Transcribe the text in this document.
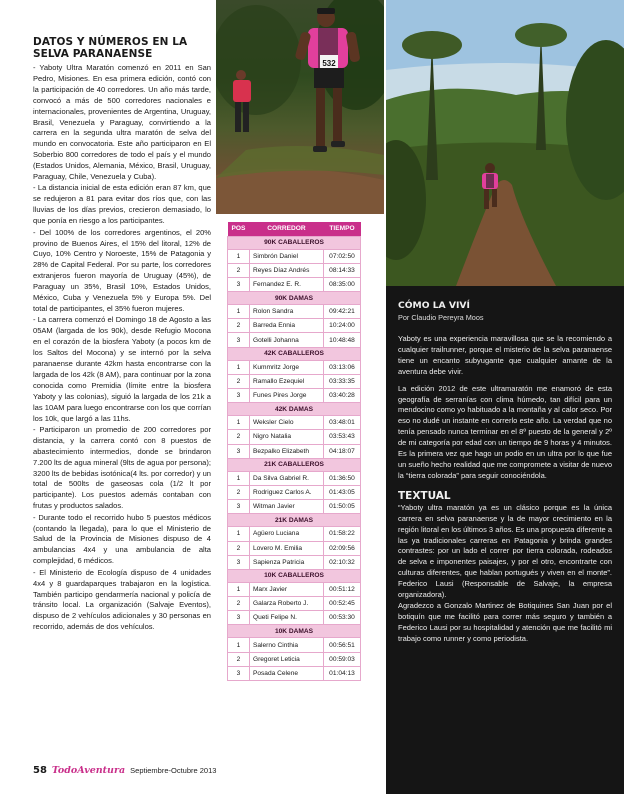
DATOS Y NÚMEROS EN LA SELVA PARANAENSE

- Yaboty Ultra Maratón comenzó en 2011 en San Pedro, Misiones. En esa primera edición, contó con la participación de 40 corredores. Un año más tarde, convocó a más de 500 corredores nacionales e internacionales, provenientes de Argentina, Uruguay, Brasil, Venezuela y Paraguay, convirtiendo a la carrera en la segunda ultra maratón de selva del mundo en convocatoria. Este año participaron en El Soberbio 800 corredores de todo el país y el mundo (Estados Unidos, Alemania, México, Brasil, Uruguay, Paraguay, Chile, Venezuela y Cuba).

- La distancia inicial de esta edición eran 87 km, que se redujeron a 81 para evitar dos ríos que, con las lluvias de los días previos, crecieron demasiado, lo que ponía en riesgo a los participantes.

- Del 100% de los corredores argentinos, el 20% provino de Buenos Aires, el 15% del litoral, 12% de Cuyo, 10% Centro y Noroeste, 15% de Patagonia y 28% de Capital Federal. Por su parte, los corredores extranjeros fueron mayoría de Uruguay (45%), de Paraguay un 35%, Brasil 10%, Estados Unidos, México, Cuba y Venezuela 5% y Europa 5%. Del total de participantes, el 35% fueron mujeres.

- La carrera comenzó el Domingo 18 de Agosto a las 05AM (largada de los 90k), desde Refugio Mocona en el corazón de la biosfera Yaboty (a pocos km de los Saltos del Mocona) y se internó por la selva paranaense durante 42km hasta encontrarse con la largada de los 42k (8 AM), para continuar por la zona conocida como Premidia (límite entre la biosfera Yaboty y las colonias), siguió la largada de los 21k a las 10AM para luego encontrarse con los que corrían los 10k, que largó a las 11hs.

- Participaron un promedio de 200 corredores por distancia, y la carrera contó con 8 puestos de abastecimiento intermedios, donde se brindaron 7.200 lts de agua mineral (9lts de agua por persona); 3200 lts de bebidas isotónica(4 lts. por corredor) y un total de 500lts de gaseosas cola (1/2 lt por participante). Los puestos además contaban con frutas y productos salados.

- Durante todo el recorrido hubo 5 puestos médicos (contando la llegada), para lo que el Ministerio de Salud de la Provincia de Misiones dispuso de 4 ambulancias 4x4 y una ambulancia de alta complejidad, 6 médicos.

- El Ministerio de Ecología dispuso de 4 unidades 4x4 y 8 guardaparques trabajaron en la logística. También participo gendarmería nacional y policía de tránsito local. La organización (Salvaje Eventos), dispuso de 2 vehículos adicionales y 30 personas en recorrido, además de dos vehículos.

532
POS	CORREDOR	TIEMPO
90K CABALLEROS		
1	Simbrón Daniel	07:02:50
2	Reyes Díaz Andrés	08:14:33
3	Fernandez E. R.	08:35:00
90K DAMAS		
1	Rolon Sandra	09:42:21
2	Barreda Ennia	10:24:00
3	Gotelli Johanna	10:48:48
42K CABALLEROS		
1	Kummritz Jorge	03:13:06
2	Ramallo Ezequiel	03:33:35
3	Funes Pires Jorge	03:40:28
42K DAMAS		
1	Weksler Cielo	03:48:01
2	Nigro Natalia	03:53:43
3	Bezpalko Elizabeth	04:18:07
21K CABALLEROS		
1	Da Silva Gabriel R.	01:36:50
2	Rodriguez Carlos A.	01:43:05
3	Witman Javier	01:50:05
21K DAMAS		
1	Agüero Luciana	01:58:22
2	Lovero M. Emilia	02:09:56
3	Sapienza Patricia	02:10:32
10K CABALLEROS		
1	Marx Javier	00:51:12
2	Galarza Roberto J.	00:52:45
3	Queti Felipe N.	00:53:30
10K DAMAS		
1	Salerno Cinthia	00:56:51
2	Gregoret Leticia	00:59:03
3	Posada Celene	01:04:13
CÓMO LA VIVÍ
Por Claudio Pereyra Moos

Yaboty es una experiencia maravillosa que se la recomiendo a cualquier trailrunner, porque el misterio de la selva paranaense tiene un encanto subyugante que cualquier amante de la aventura debe vivir.

La edición 2012 de este ultramaratón me enamoró de esta geografía de serranías con clima húmedo, tan difícil para un mendocino como yo habituado a la montaña y al calor seco. Por eso no dudé un instante en correrlo este año. La verdad que no tenía pensado nunca terminar en el 8º puesto de la general y 2º de mi categoría por edad con un tiempo de 9 horas y 4 minutos. Es la primera vez que hago un podio en un ultra por lo que fue un sueño hecho realidad que me compromete a visitar de nuevo la “tierra colorada” para seguir conociéndola.

TEXTUAL

“Yaboty ultra maratón ya es un clásico porque es la única carrera en selva paranaense y la de mayor crecimiento en la región litoral en los últimos 3 años. Es una propuesta diferente a las ya tradicionales carreras en Patagonia y brinda grandes contrastes: por un lado el correr por tierra colorada, rodeados de selva e imponentes paisajes, y por el otro, encontrarte con culturas diferentes, que hablan portugués y viven en el monte”. Federico Lausi (Responsable de Salvaje, la empresa organizadora).

Agradezco a Gonzalo Martinez de Botiquines San Juan por el botiquín que me facilitó para correr más seguro y también a Federico Lausi por su hospitalidad y atención que me facilitó mi trabajo como runner y como periodista.

58 TodoAventura Septiembre-Octubre 2013
